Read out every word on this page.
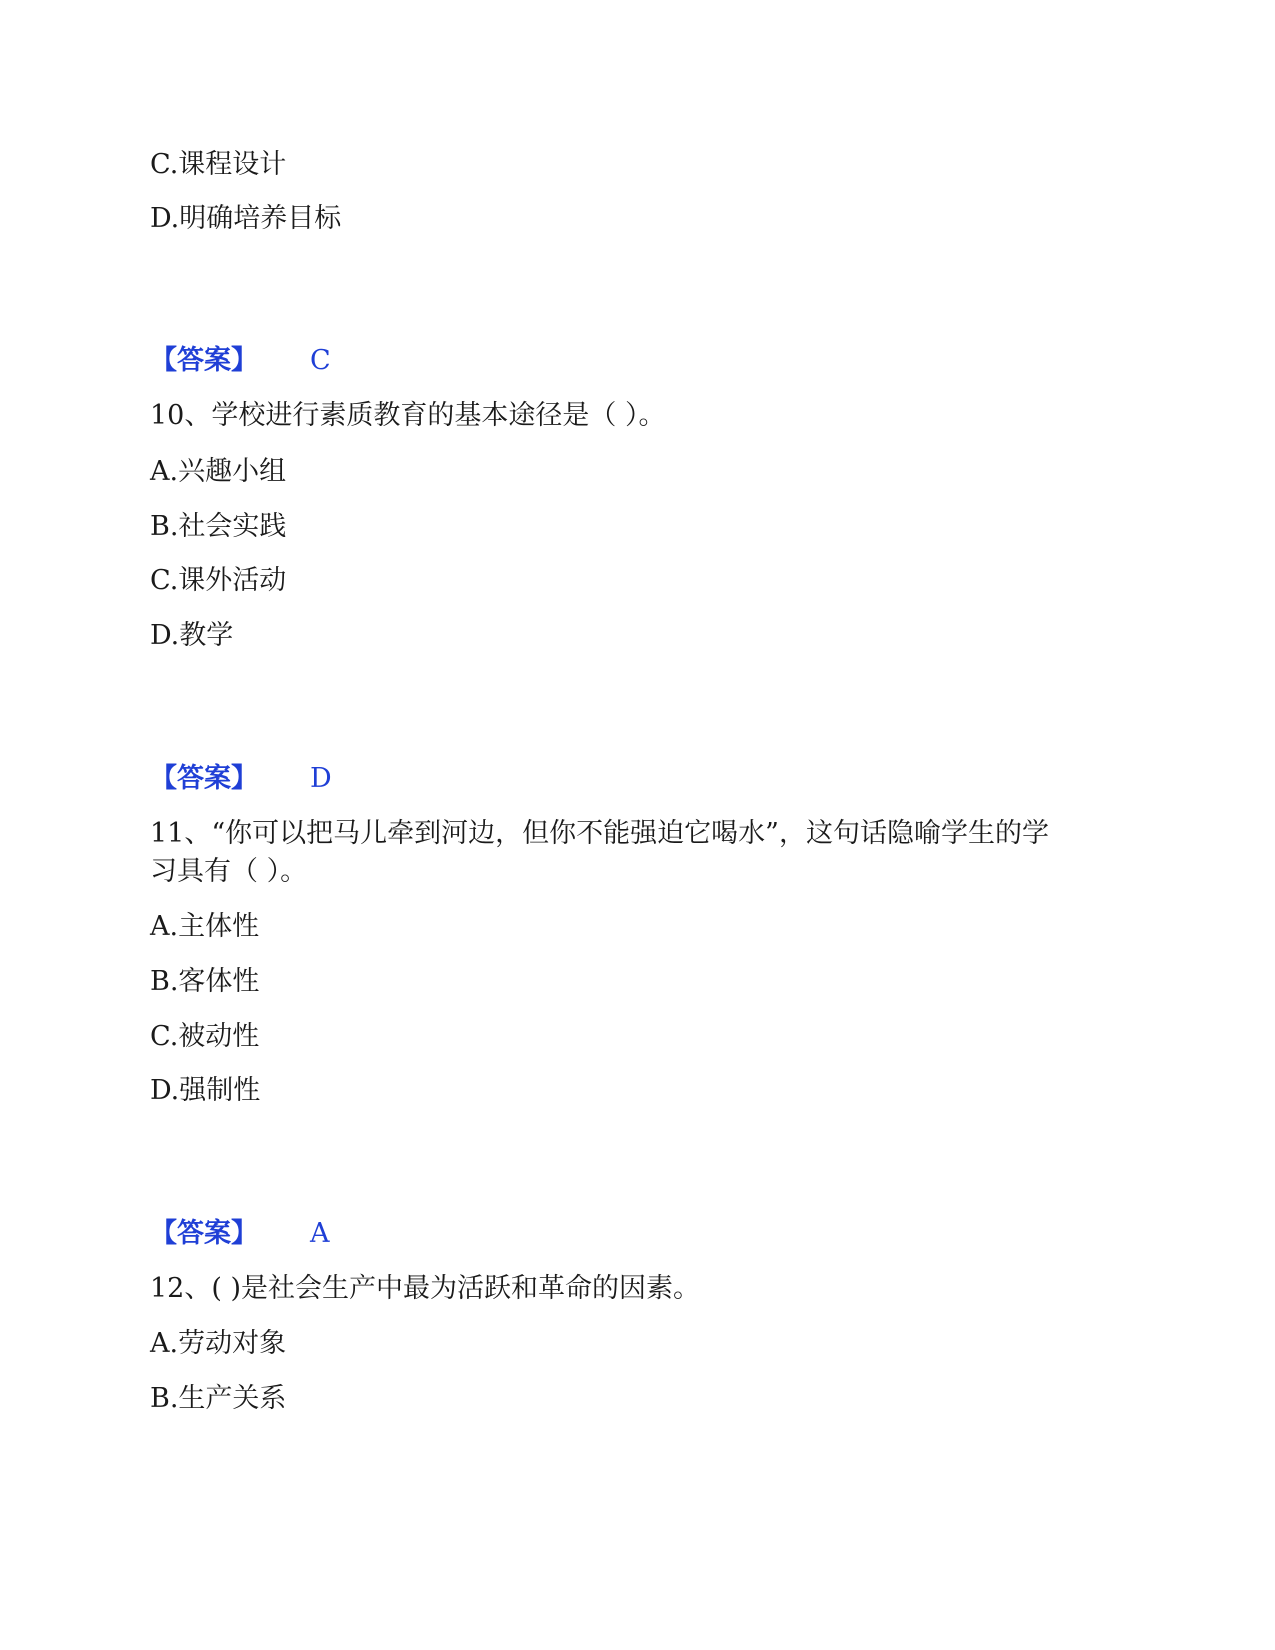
C.课程设计
D.明确培养目标
【答案】 C
10、学校进行素质教育的基本途径是（ ）。
A.兴趣小组
B.社会实践
C.课外活动
D.教学
【答案】 D
11、“你可以把马儿牵到河边，但你不能强迫它喝水”，这句话隐喻学生的学
习具有（ ）。
A.主体性
B.客体性
C.被动性
D.强制性
【答案】 A
12、( )是社会生产中最为活跃和革命的因素。
A.劳动对象
B.生产关系
